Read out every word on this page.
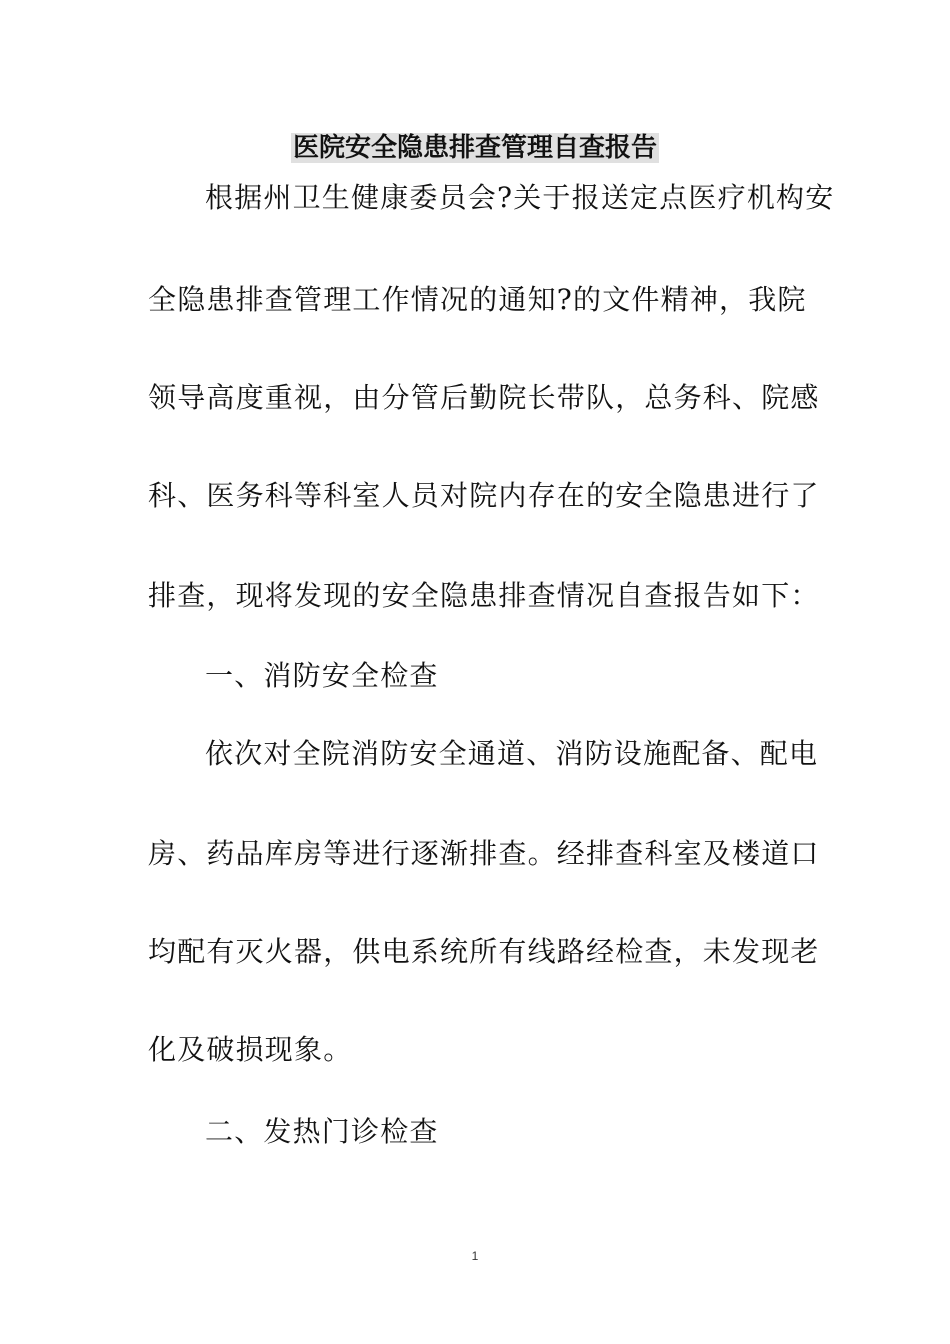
医院安全隐患排查管理自查报告
根据州卫生健康委员会?关于报送定点医疗机构安
全隐患排查管理工作情况的通知?的文件精神，我院
领导高度重视，由分管后勤院长带队，总务科、院感
科、医务科等科室人员对院内存在的安全隐患进行了
排查，现将发现的安全隐患排查情况自查报告如下：
一、消防安全检查
依次对全院消防安全通道、消防设施配备、配电
房、药品库房等进行逐渐排查。经排查科室及楼道口
均配有灭火器，供电系统所有线路经检查，未发现老
化及破损现象。
二、发热门诊检查
1
